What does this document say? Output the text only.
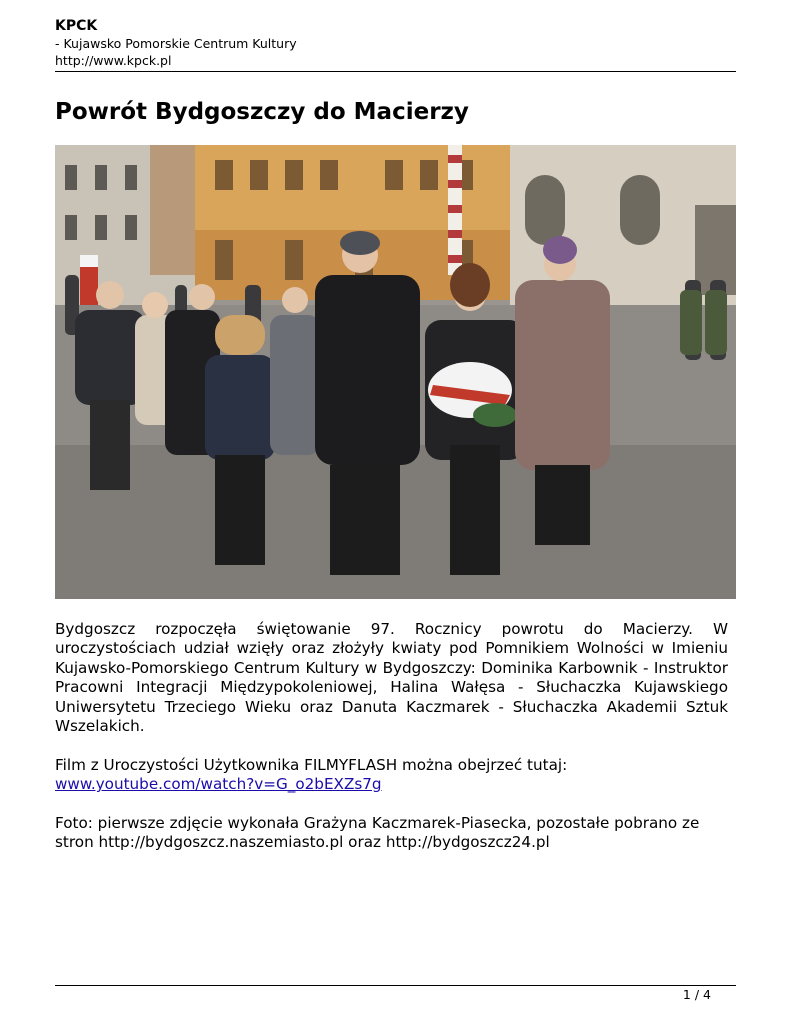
KPCK
- Kujawsko Pomorskie Centrum Kultury
http://www.kpck.pl
Powrót Bydgoszczy do Macierzy

Bydgoszcz rozpoczęła świętowanie 97. Rocznicy powrotu do Macierzy. W uroczystościach udział wzięły oraz złożyły kwiaty pod Pomnikiem Wolności w Imieniu Kujawsko-Pomorskiego Centrum Kultury w Bydgoszczy: Dominika Karbownik - Instruktor Pracowni Integracji Międzypokoleniowej, Halina Wałęsa - Słuchaczka Kujawskiego Uniwersytetu Trzeciego Wieku oraz Danuta Kaczmarek - Słuchaczka Akademii Sztuk Wszelakich.

Film z Uroczystości Użytkownika FILMYFLASH można obejrzeć tutaj:
www.youtube.com/watch?v=G_o2bEXZs7g

Foto: pierwsze zdjęcie wykonała Grażyna Kaczmarek-Piasecka, pozostałe pobrano ze stron http://bydgoszcz.naszemiasto.pl oraz http://bydgoszcz24.pl

1 / 4
